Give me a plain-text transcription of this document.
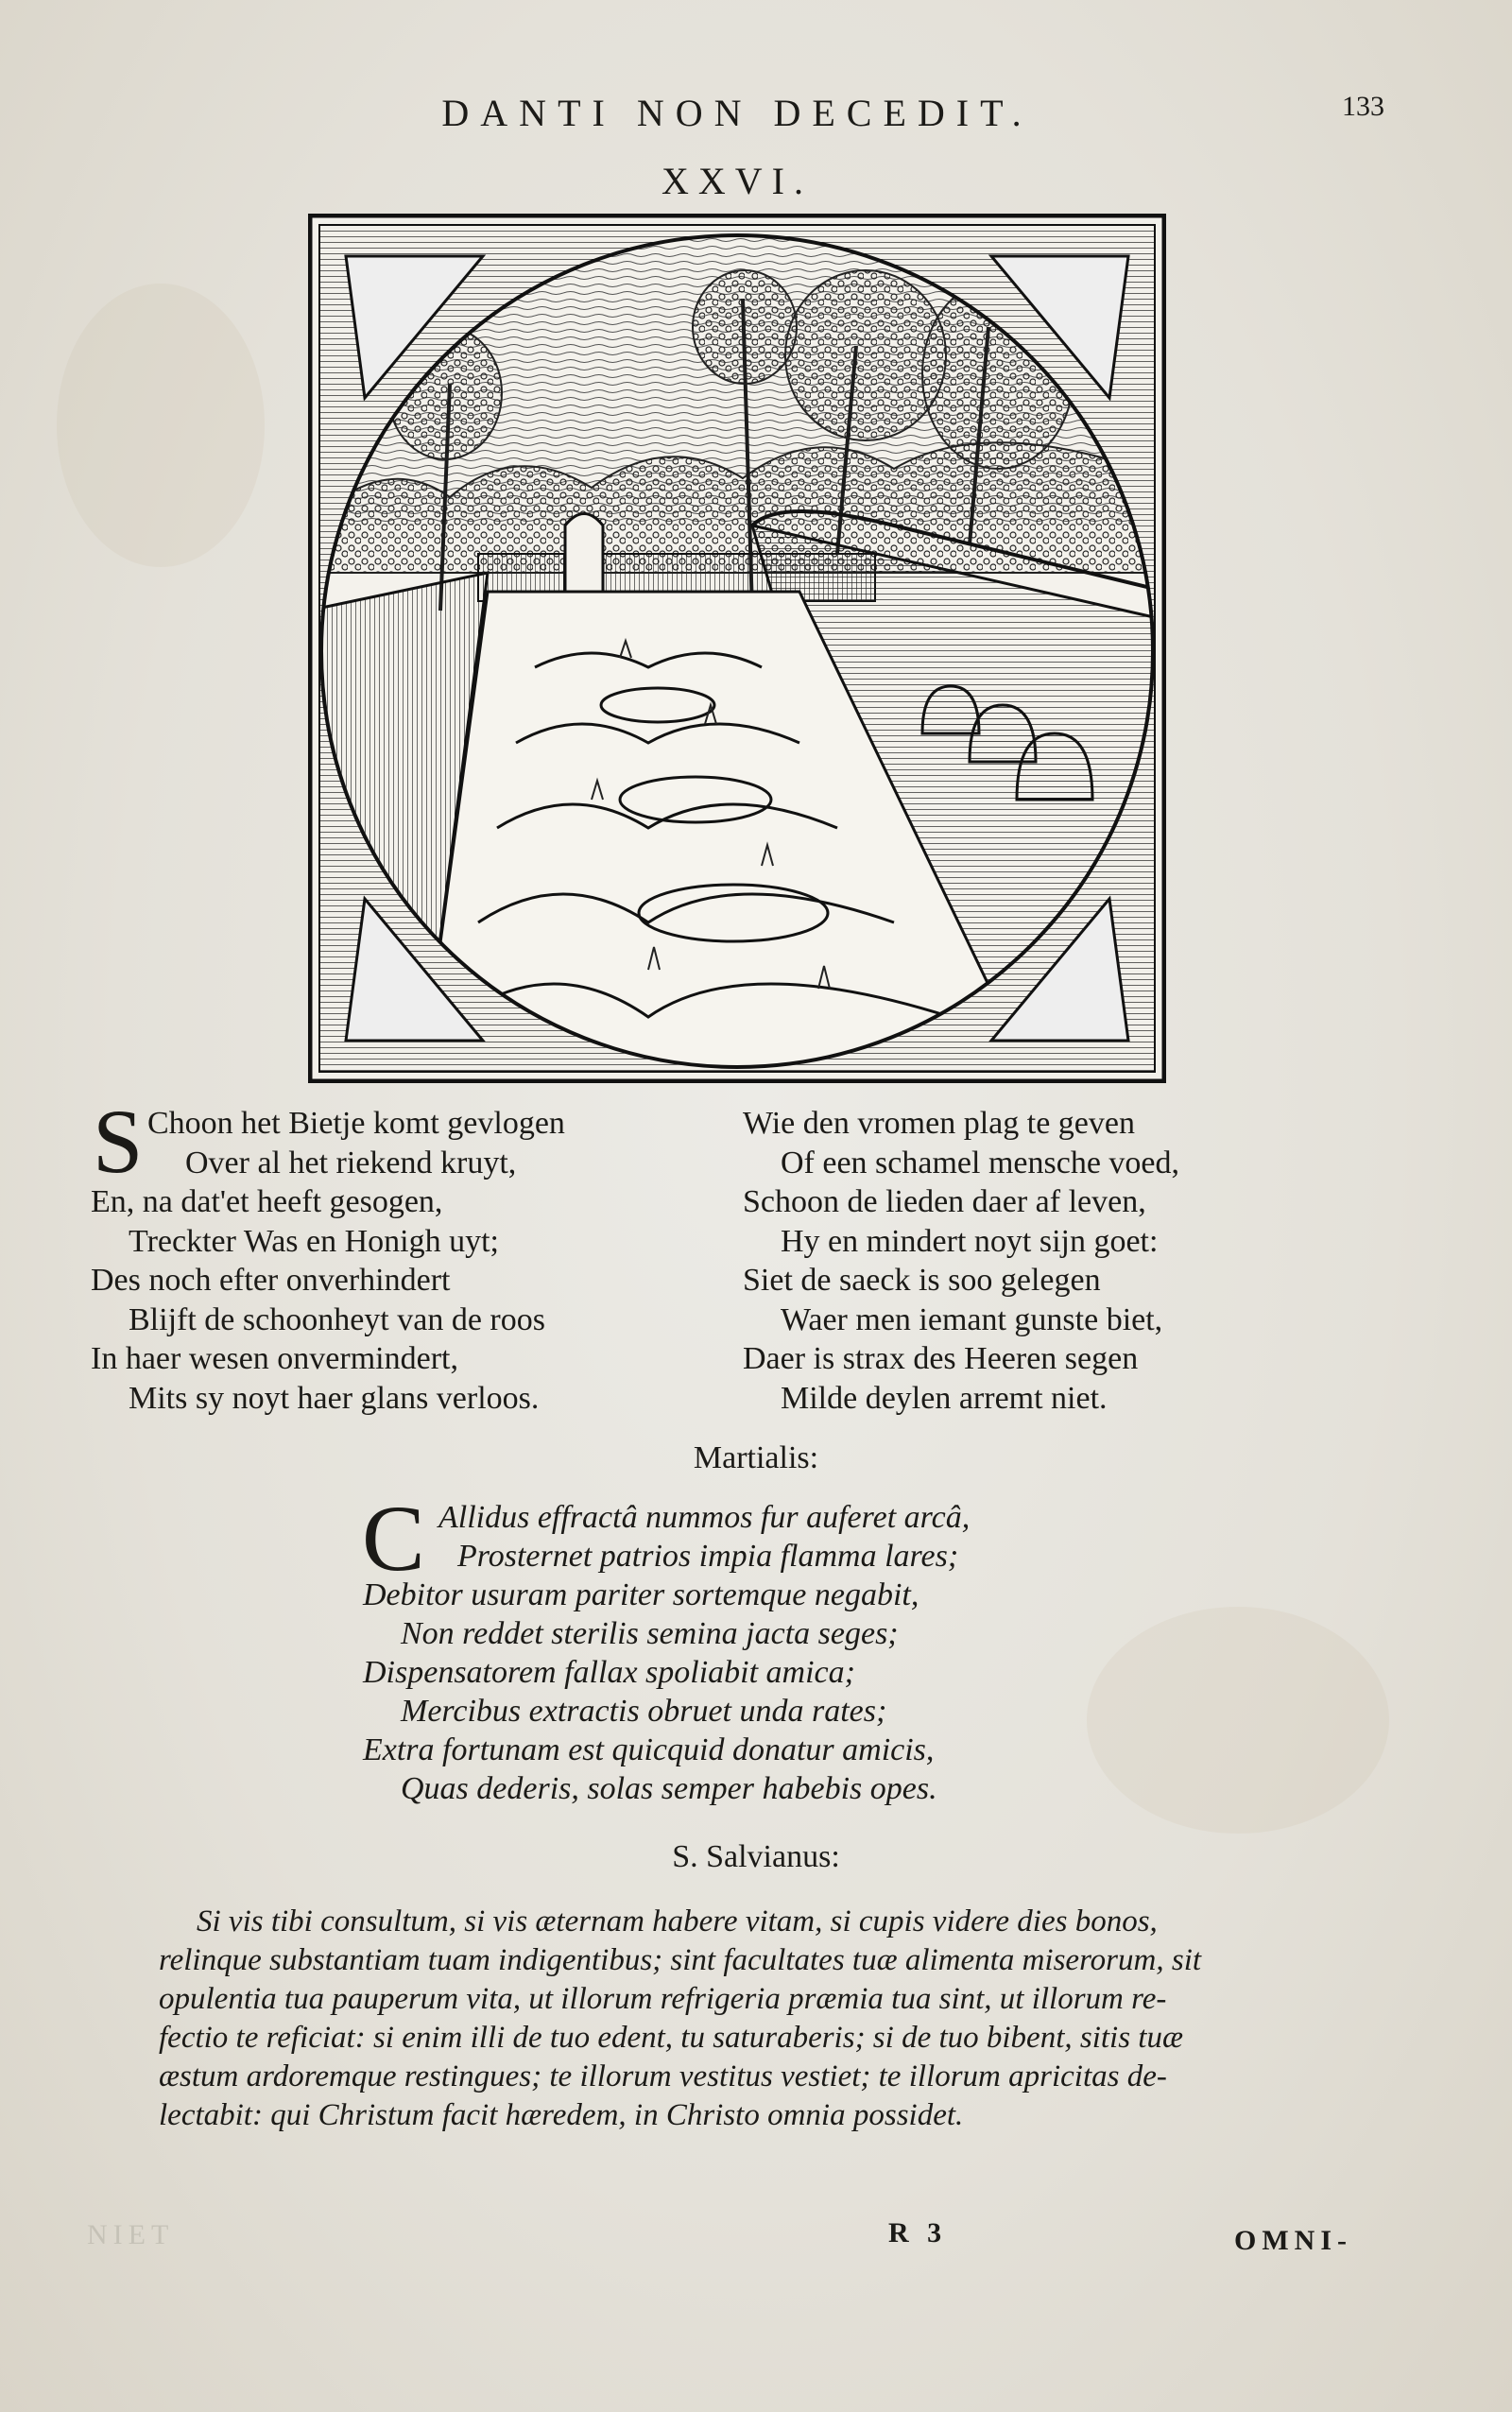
DANTI NON DECEDIT.	133
XXVI.
S Choon het Bietje komt gevlogen
Over al het riekend kruyt,
En, na dat'et heeft gesogen,
Treckter Was en Honigh uyt;
Des noch efter onverhindert
Blijft de schoonheyt van de roos
In haer wesen onvermindert,
Mits sy noyt haer glans verloos.
Wie den vromen plag te geven
Of een schamel mensche voed,
Schoon de lieden daer af leven,
Hy en mindert noyt sijn goet:
Siet de saeck is soo gelegen
Waer men iemant gunste biet,
Daer is strax des Heeren segen
Milde deylen arremt niet.
Martialis:
C Allidus effractâ nummos fur auferet arcâ,
Prosternet patrios impia flamma lares;
Debitor usuram pariter sortemque negabit,
Non reddet sterilis semina jacta seges;
Dispensatorem fallax spoliabit amica;
Mercibus extractis obruet unda rates;
Extra fortunam est quicquid donatur amicis,
Quas dederis, solas semper habebis opes.
S. Salvianus:
Si vis tibi consultum, si vis æternam habere vitam, si cupis videre dies bonos,
relinque substantiam tuam indigentibus; sint facultates tuæ alimenta miserorum, sit
opulentia tua pauperum vita, ut illorum refrigeria præmia tua sint, ut illorum re-
fectio te reficiat: si enim illi de tuo edent, tu saturaberis; si de tuo bibent, sitis tuæ
æstum ardoremque restingues; te illorum vestitus vestiet; te illorum apricitas de-
lectabit: qui Christum facit hæredem, in Christo omnia possidet.
NIET	R 3	OMNI-
